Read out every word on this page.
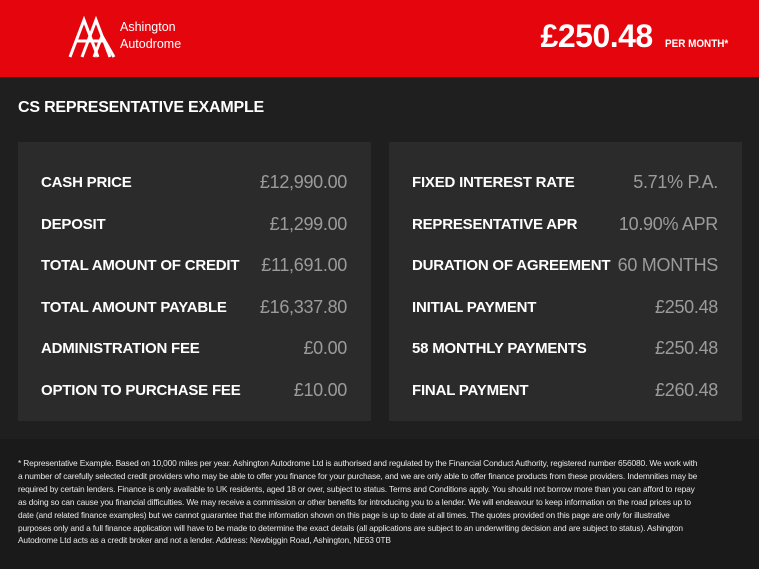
Ashington
Autodrome	£250.48 PER MONTH*
CS REPRESENTATIVE EXAMPLE
CASH PRICE	£12,990.00
DEPOSIT	£1,299.00
TOTAL AMOUNT OF CREDIT £11,691.00
TOTAL AMOUNT PAYABLE £16,337.80
ADMINISTRATION FEE	£0.00
OPTION TO PURCHASE FEE	£10.00
FIXED INTEREST RATE	5.71% P.A.
REPRESENTATIVE APR 10.90% APR
DURATION OF AGREEMENT 60 MONTHS
INITIAL PAYMENT	£250.48
58 MONTHLY PAYMENTS	£250.48
FINAL PAYMENT	£260.48

* Representative Example. Based on 10,000 miles per year. Ashington Autodrome Ltd is authorised and regulated by the Financial Conduct Authority, registered number 656080. We work with a number of carefully selected credit providers who may be able to offer you finance for your purchase, and we are only able to offer finance products from these providers. Indemnities may be required by certain lenders. Finance is only available to UK residents, aged 18 or over, subject to status. Terms and Conditions apply. You should not borrow more than you can afford to repay as doing so can cause you financial difficulties. We may receive a commission or other benefits for introducing you to a lender. We will endeavour to keep information on the road prices up to date (and related finance examples) but we cannot guarantee that the information shown on this page is up to date at all times. The quotes provided on this page are only for illustrative purposes only and a full finance application will have to be made to determine the exact details (all applications are subject to an underwriting decision and are subject to status). Ashington Autodrome Ltd acts as a credit broker and not a lender. Address: Newbiggin Road, Ashington, NE63 0TB
